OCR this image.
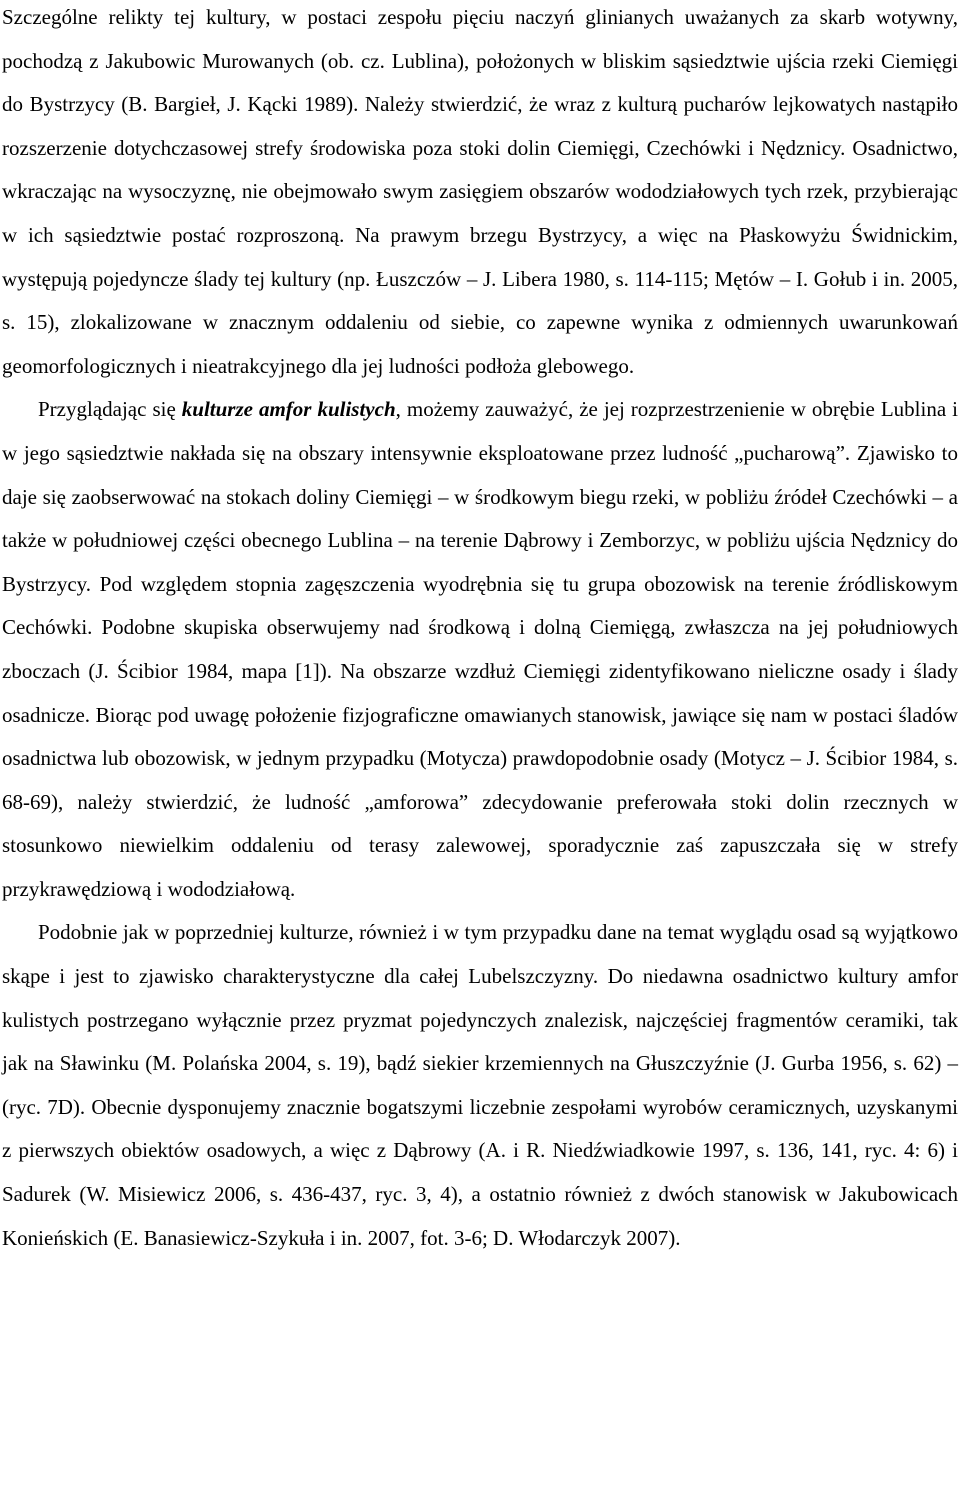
Szczególne relikty tej kultury, w postaci zespołu pięciu naczyń glinianych uważanych za skarb wotywny, pochodzą z Jakubowic Murowanych (ob. cz. Lublina), położonych w bliskim sąsiedztwie ujścia rzeki Ciemięgi do Bystrzycy (B. Bargieł, J. Kącki 1989). Należy stwierdzić, że wraz z kulturą pucharów lejkowatych nastąpiło rozszerzenie dotychczasowej strefy środowiska poza stoki dolin Ciemięgi, Czechówki i Nędznicy. Osadnictwo, wkraczając na wysoczyznę, nie obejmowało swym zasięgiem obszarów wododziałowych tych rzek, przybierając w ich sąsiedztwie postać rozproszoną. Na prawym brzegu Bystrzycy, a więc na Płaskowyżu Świdnickim, występują pojedyncze ślady tej kultury (np. Łuszczów – J. Libera 1980, s. 114-115; Mętów – I. Gołub i in. 2005, s. 15), zlokalizowane w znacznym oddaleniu od siebie, co zapewne wynika z odmiennych uwarunkowań geomorfologicznych i nieatrakcyjnego dla jej ludności podłoża glebowego.

Przyglądając się kulturze amfor kulistych, możemy zauważyć, że jej rozprzestrzenienie w obrębie Lublina i w jego sąsiedztwie nakłada się na obszary intensywnie eksploatowane przez ludność „pucharową”. Zjawisko to daje się zaobserwować na stokach doliny Ciemięgi – w środkowym biegu rzeki, w pobliżu źródeł Czechówki – a także w południowej części obecnego Lublina – na terenie Dąbrowy i Zemborzyc, w pobliżu ujścia Nędznicy do Bystrzycy. Pod względem stopnia zagęszczenia wyodrębnia się tu grupa obozowisk na terenie źródliskowym Cechówki. Podobne skupiska obserwujemy nad środkową i dolną Ciemięgą, zwłaszcza na jej południowych zboczach (J. Ścibior 1984, mapa [1]). Na obszarze wzdłuż Ciemięgi zidentyfikowano nieliczne osady i ślady osadnicze. Biorąc pod uwagę położenie fizjograficzne omawianych stanowisk, jawiące się nam w postaci śladów osadnictwa lub obozowisk, w jednym przypadku (Motycza) prawdopodobnie osady (Motycz – J. Ścibior 1984, s. 68-69), należy stwierdzić, że ludność „amforowa” zdecydowanie preferowała stoki dolin rzecznych w stosunkowo niewielkim oddaleniu od terasy zalewowej, sporadycznie zaś zapuszczała się w strefy przykrawędziową i wododziałową.

Podobnie jak w poprzedniej kulturze, również i w tym przypadku dane na temat wyglądu osad są wyjątkowo skąpe i jest to zjawisko charakterystyczne dla całej Lubelszczyzny. Do niedawna osadnictwo kultury amfor kulistych postrzegano wyłącznie przez pryzmat pojedynczych znalezisk, najczęściej fragmentów ceramiki, tak jak na Sławinku (M. Polańska 2004, s. 19), bądź siekier krzemiennych na Głuszczyźnie (J. Gurba 1956, s. 62) – (ryc. 7D). Obecnie dysponujemy znacznie bogatszymi liczebnie zespołami wyrobów ceramicznych, uzyskanymi z pierwszych obiektów osadowych, a więc z Dąbrowy (A. i R. Niedźwiadkowie 1997, s. 136, 141, ryc. 4: 6) i Sadurek (W. Misiewicz 2006, s. 436-437, ryc. 3, 4), a ostatnio również z dwóch stanowisk w Jakubowicach Konieńskich (E. Banasiewicz-Szykuła i in. 2007, fot. 3-6; D. Włodarczyk 2007).
